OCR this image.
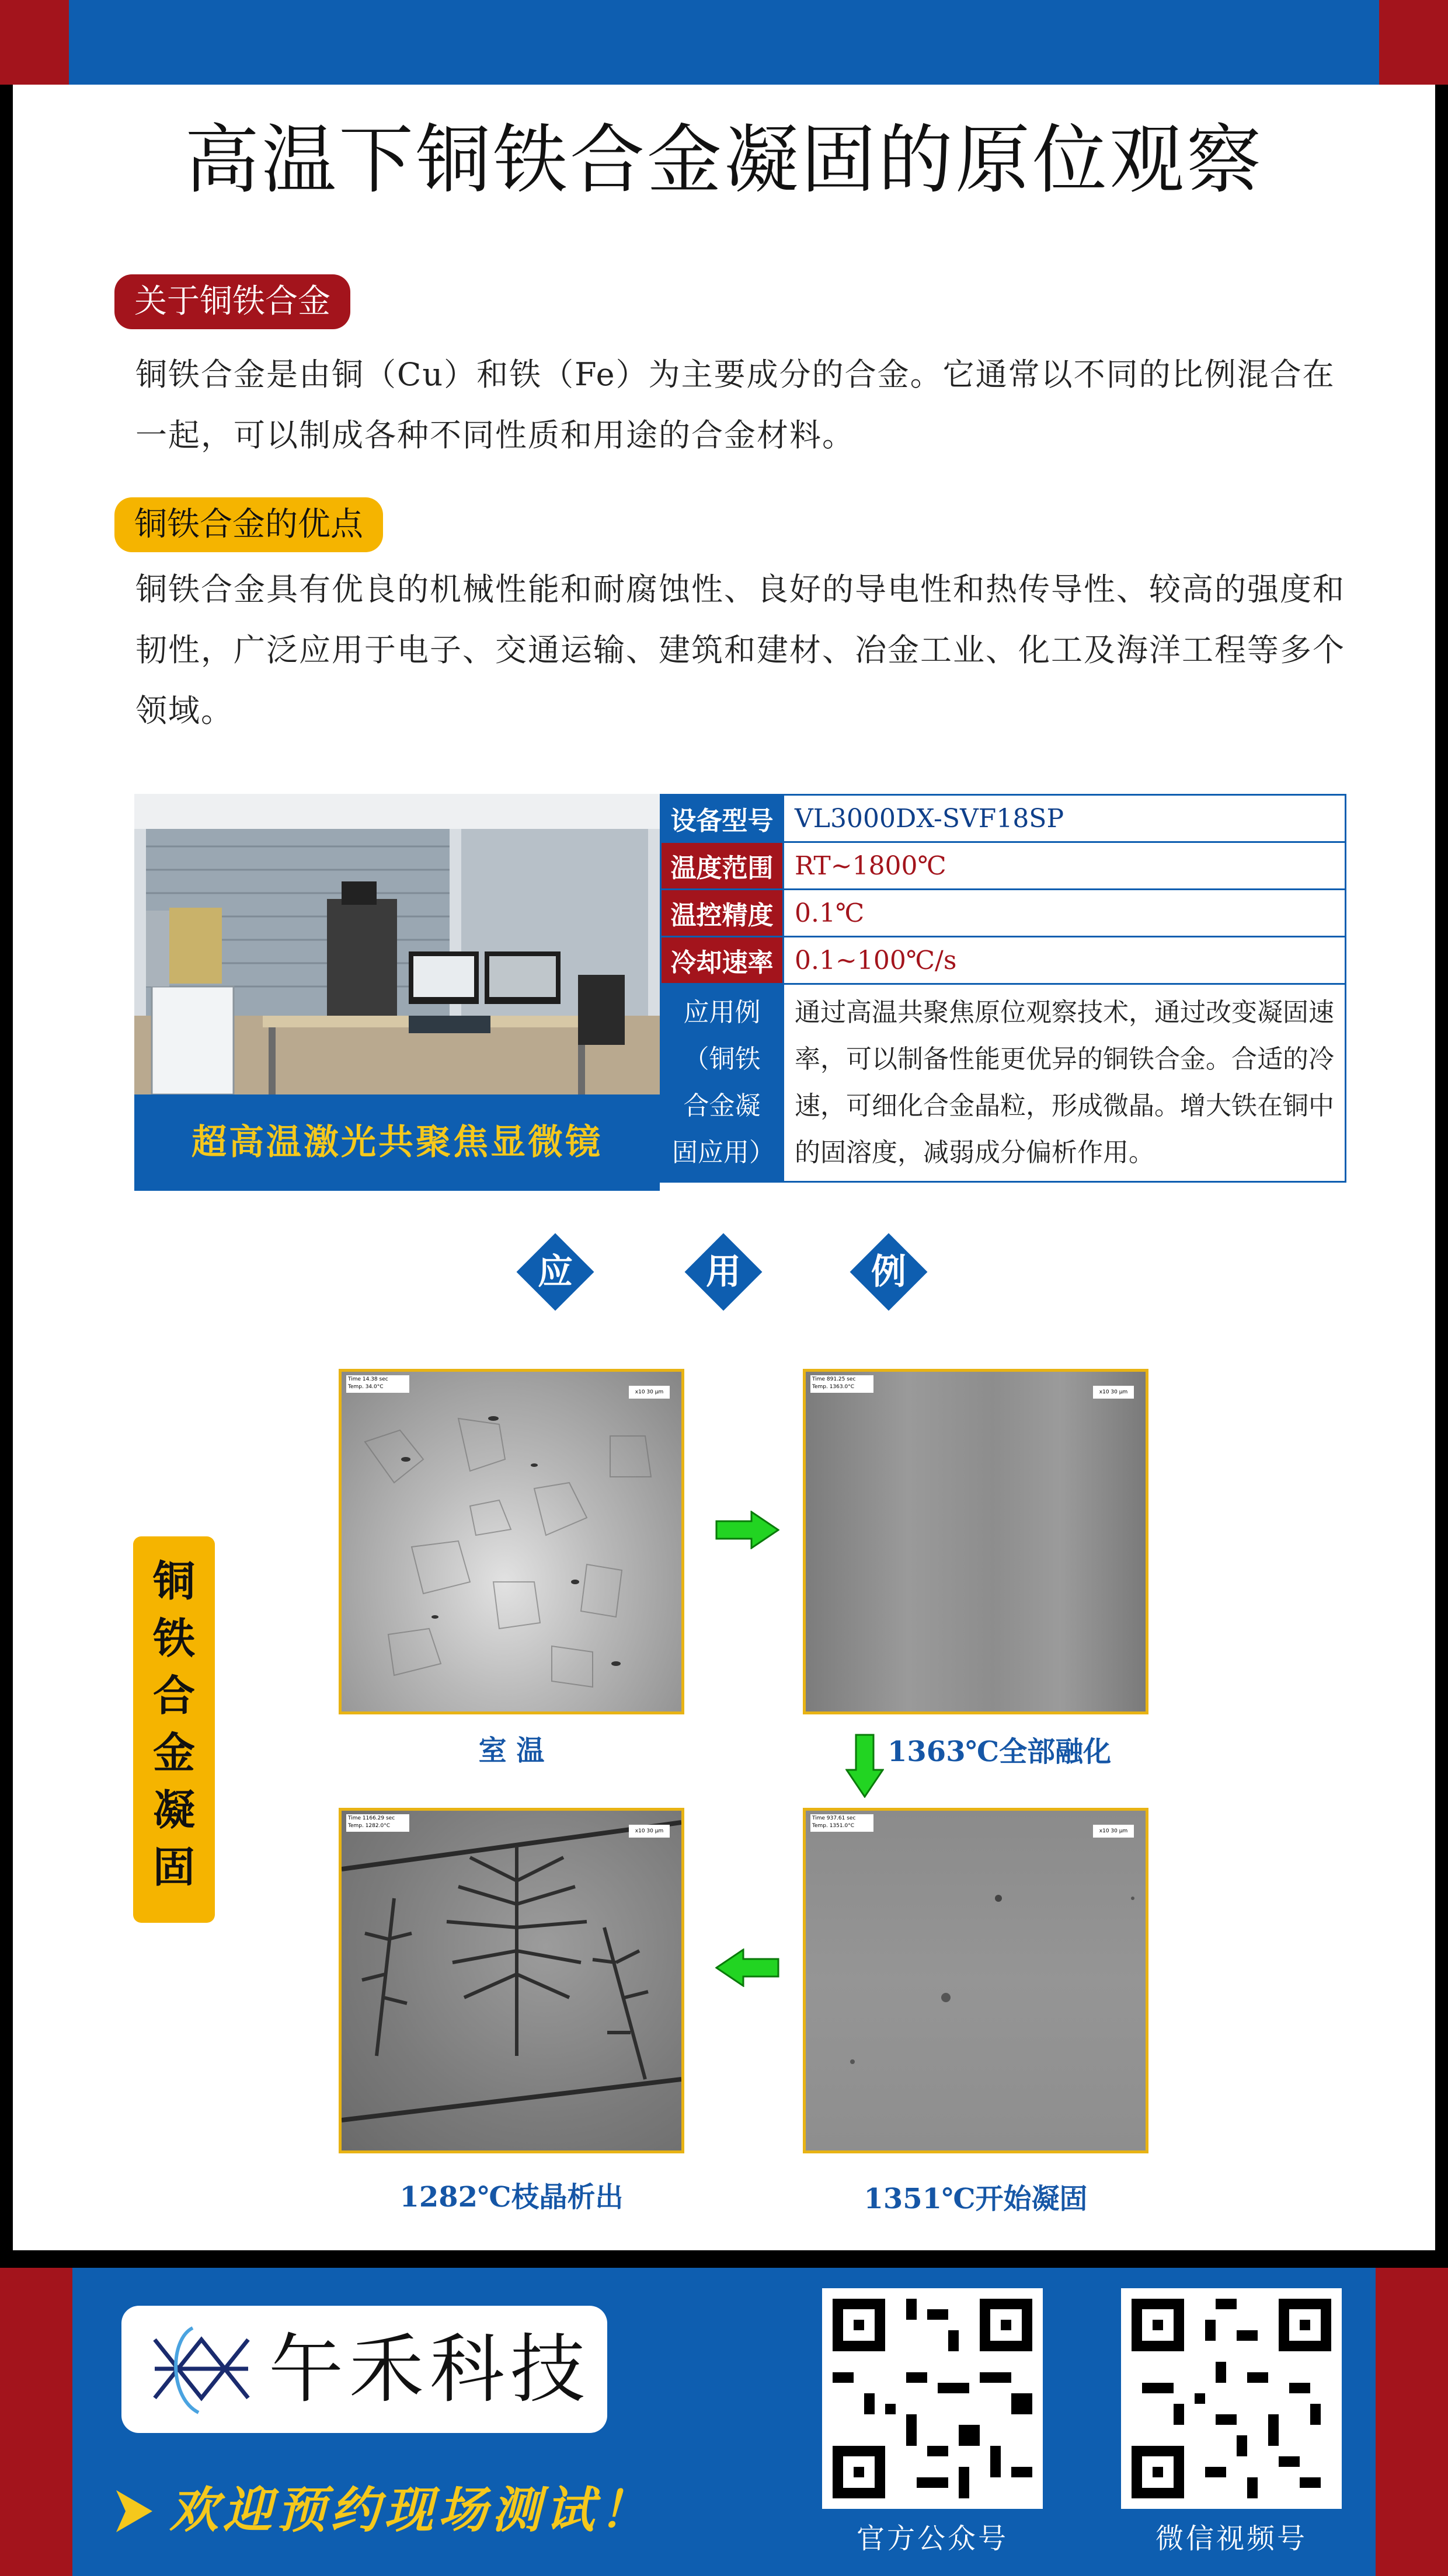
高温下铜铁合金凝固的原位观察
关于铜铁合金
铜铁合金是由铜（Cu）和铁（Fe）为主要成分的合金。它通常以不同的比例混合在一起，可以制成各种不同性质和用途的合金材料。
铜铁合金的优点
铜铁合金具有优良的机械性能和耐腐蚀性、良好的导电性和热传导性、较高的强度和韧性，广泛应用于电子、交通运输、建筑和建材、冶金工业、化工及海洋工程等多个领域。
超高温激光共聚焦显微镜
设备型号	VL3000DX-SVF18SP
温度范围	RT~1800℃
温控精度	0.1℃
冷却速率	0.1~100℃/s
应用例（铜铁合金凝固应用）	通过高温共聚焦原位观察技术，通过改变凝固速率，可以制备性能更优异的铜铁合金。合适的冷速，可细化合金晶粒，形成微晶。增大铁在铜中的固溶度，减弱成分偏析作用。
应	用	例
铜铁合金凝固
Time 14.38 sec
Temp. 34.0°C
x10 30 μm
室 温
Time 891.25 sec
Temp. 1363.0°C
x10 30 μm
1363℃全部融化
Time 1166.29 sec
Temp. 1282.0°C
x10 30 μm
1282℃枝晶析出
Time 937.61 sec
Temp. 1351.0°C
x10 30 μm
1351℃开始凝固
午禾科技
欢迎预约现场测试！	官方公众号	微信视频号
